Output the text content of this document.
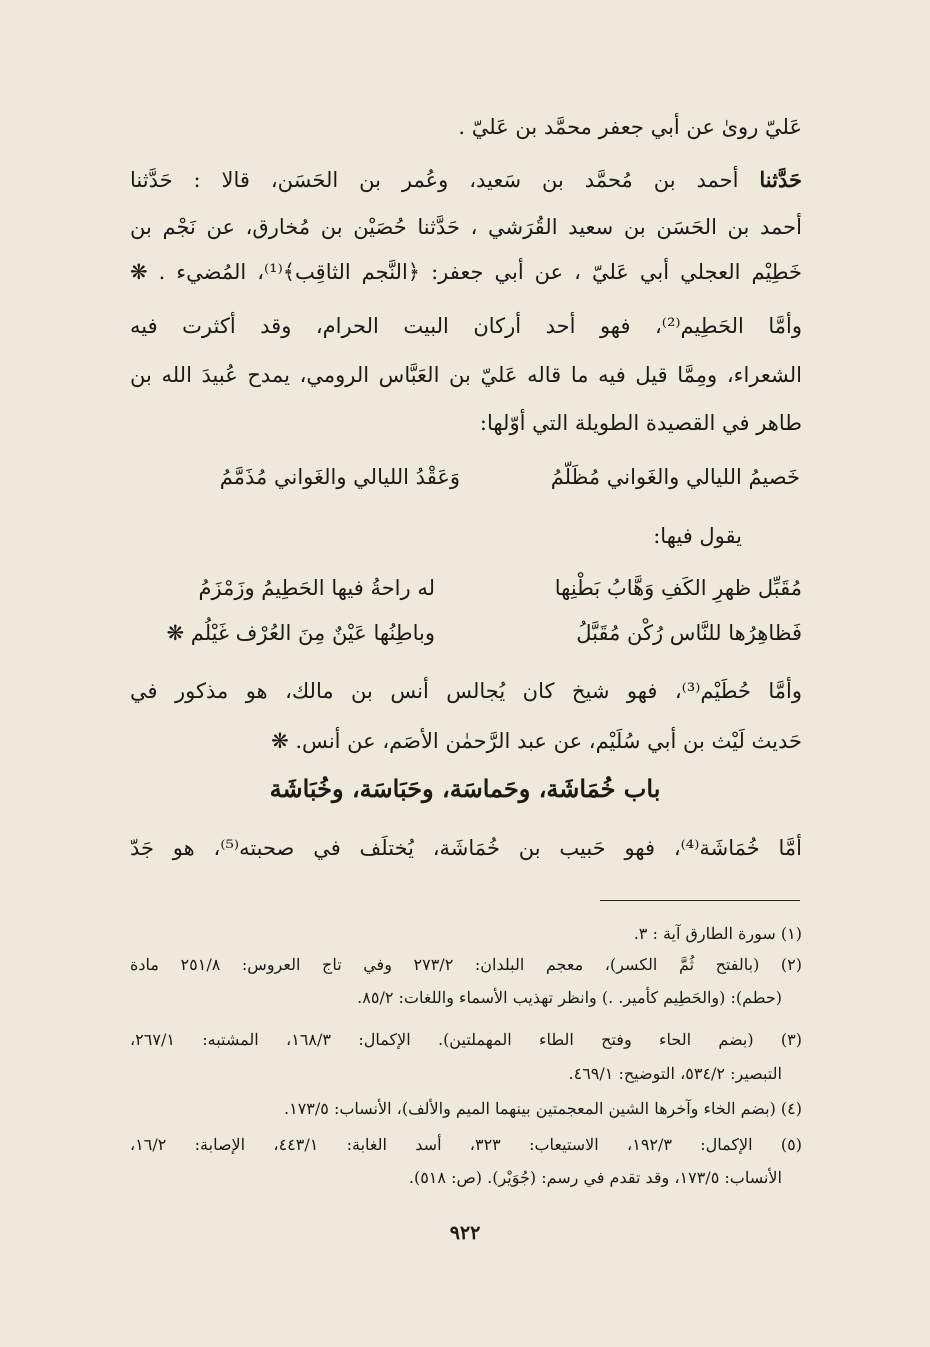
عَليّ روىٰ عن أبي جعفر محمَّد بن عَليّ .
حَدَّثنا أحمد بن مُحمَّد بن سَعيد، وعُمر بن الحَسَن، قالا : حَدَّثنا
أحمد بن الحَسَن بن سعيد القُرَشي ، حَدَّثنا حُصَيْن بن مُخارق، عن نَجْم بن
خَطِيْم العجلي أبي عَليّ ، عن أبي جعفر: ﴿النَّجم الثاقِب﴾⁽¹⁾، المُضيء . ❋
وأمَّا الحَطِيم⁽²⁾، فهو أحد أركان البيت الحرام، وقد أكثرت فيه
الشعراء، ومِمَّا قيل فيه ما قاله عَليّ بن العَبَّاس الرومي، يمدح عُبيدَ الله بن
طاهر في القصيدة الطويلة التي أوّلها:
خَصيمُ الليالي والغَواني مُظَلّمُ
وَعَقْدُ الليالي والغَواني مُذَمَّمُ
يقول فيها:
مُقَبِّل ظهرِ الكَفِ وَهَّابُ بَطْنِها
له راحةُ فيها الحَطِيمُ وزَمْزَمُ
فَظاهِرُها للنَّاس رُكْن مُقَبَّلُ
وباطِنُها عَيْنٌ مِنَ العُرْف غَيْلُم ❋
وأمَّا حُطَيْم⁽³⁾، فهو شيخ كان يُجالس أنس بن مالك، هو مذكور في
حَديث لَيْث بن أبي سُلَيْم، عن عبد الرَّحمٰن الأصَم، عن أنس. ❋
باب خُمَاشَة، وحَماسَة، وحَبَاسَة، وخُبَاشَة
أمَّا خُمَاشَة⁽⁴⁾، فهو حَبيب بن خُمَاشَة، يُختلَف في صحبته⁽⁵⁾، هو جَدّ
(١) سورة الطارق آية : ٣.
(٢) (بالفتح ثُمَّ الكسر)، معجم البلدان: ٢٧٣/٢ وفي تاج العروس: ٢٥١/٨ مادة
(حطم): (والحَطِيم كأمير. .) وانظر تهذيب الأسماء واللغات: ٨٥/٢.
(٣) (بضم الحاء وفتح الطاء المهملتين). الإكمال: ١٦٨/٣، المشتبه: ٢٦٧/١،
التبصير: ٥٣٤/٢، التوضيح: ٤٦٩/١.
(٤) (بضم الخاء وآخرها الشين المعجمتين بينهما الميم والألف)، الأنساب: ١٧٣/٥.
(٥) الإكمال: ١٩٢/٣، الاستيعاب: ٣٢٣، أسد الغابة: ٤٤٣/١، الإصابة: ١٦/٢،
الأنساب: ١٧٣/٥، وقد تقدم في رسم: (جُوَيْر). (ص: ٥١٨).
٩٢٢
